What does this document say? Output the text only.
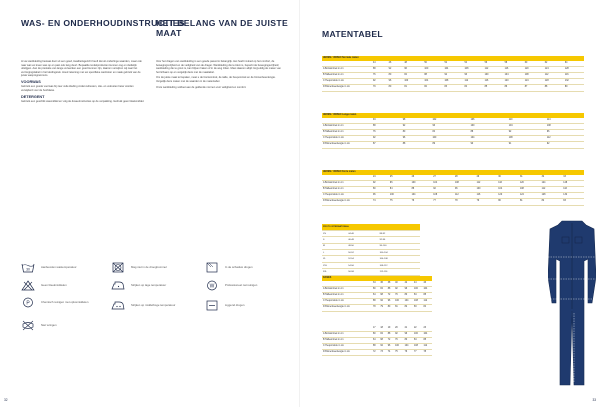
WAS- EN ONDERHOUDINSTRUCTIES
HET BELANG VAN DE JUISTE MAAT

Al uw werkkleding bestaat door uit een goed, kwaliteitsgericht heeft dat uit onderlinge waarden, maar ook naar wat uw leven was op en past ook lang duurt. Bepaalde textielproducten kunnen oog en duidelijk uitstijgen. Aan de prestatie van lange verwerken een goed kunnen zijn, daarom verwijzen wij naar het verzorgingslabel in het kledingstuk. Houd rekening met uw specifieke werkvloer en maak gebruik van de juiste wasprogramma's.

VOORWAS

Gebruik een goede voorwas bij zeer vuile kleding zodat vuilresten, olie- en vetresten beter worden verwijderd voor de hoofdwas.

DETERGENT

Gebruik een geschikt wasmiddel en volg de doseerinstructies op de verpakking. Gebruik geen bleekmiddel.

Voor het dragen van werkkleding is een goede pasvorm belangrijk. Het heeft invloed op het comfort, de bewegingsvrijheid en de veiligheid van de drager. Werkkleding die te klein is, beperkt de bewegingsvrijheid; werkkleding die te groot is, kan blijven haken of in de weg zitten. Meet daarom altijd zorgvuldig de maten van het lichaam op en vergelijk deze met de maattabel.

Om de juiste maat te bepalen, meet u de borstomtrek, de taille, de heupomtrek en de binnenbeenlengte. Vergelijk deze maten met de waarden in de matentabel.

Onze werkkleding voldoet aan de geldende normen voor veiligheid en comfort.

30
Aanbevolen wastemperatuur
Geen bleekmiddelen
P	Chemisch reinigen met oplosmiddelen
Niet wringen
Mag niet in de droogtrommel
Strijken op lage temperatuur
Strijken op middelhoge temperatuur
In de schaduw drogen
W	Professioneel nat reinigen
Liggend drogen
32
MATENTABEL
HEREN / UNISEX Normale maten											
	44	46	48	50	52	54	56	58	60	62	64
A Borstomtrek in cm	88	92	96	100	104	108	112	116	120	124	128
B Tailleomtrek in cm	76	80	84	88	92	96	100	104	108	112	116
C Heupomtrek in cm	92	96	100	104	108	112	116	120	124	128	132
D Binnenbeenlengte in cm	79	80	81	82	83	84	85	86	87	88	89
HEREN / UNISEX Lange maten						
	94	98	102	106	110	114
A Borstomtrek in cm	88	92	96	100	104	108
B Tailleomtrek in cm	76	80	84	88	92	96
C Heupomtrek in cm	92	96	100	104	108	112
D Binnenbeenlengte in cm	87	88	89	90	91	92
HEREN / UNISEX Korte maten										
	24	25	26	27	28	29	30	31	32	33
A Borstomtrek in cm	92	96	100	104	108	112	116	120	124	128
B Tailleomtrek in cm	80	84	88	92	96	100	104	108	112	116
C Heupomtrek in cm	96	100	104	108	112	116	120	124	128	132
D Binnenbeenlengte in cm	74	75	76	77	78	79	80	81	82	83
PROTO INTERNATIONAL		
XS	44-46	88-92
S	46-48	92-96
M	48-50	96-100
L	50-52	100-104
XL	52-54	104-108
XXL	54-56	108-112
3XL	56-58	112-116
DAMES							
	34	36	38	40	42	44	46
A Borstomtrek in cm	80	84	88	92	96	100	104
B Tailleomtrek in cm	64	68	72	76	80	84	88
C Heupomtrek in cm	88	92	96	100	104	108	112
D Binnenbeenlengte in cm	78	79	80	81	82	83	84
	17	18	19	20	21	22	23
A Borstomtrek in cm	80	84	88	92	96	100	104
B Tailleomtrek in cm	64	68	72	76	80	84	88
C Heupomtrek in cm	88	92	96	100	104	108	112
D Binnenbeenlengte in cm	72	73	74	75	76	77	78
33
